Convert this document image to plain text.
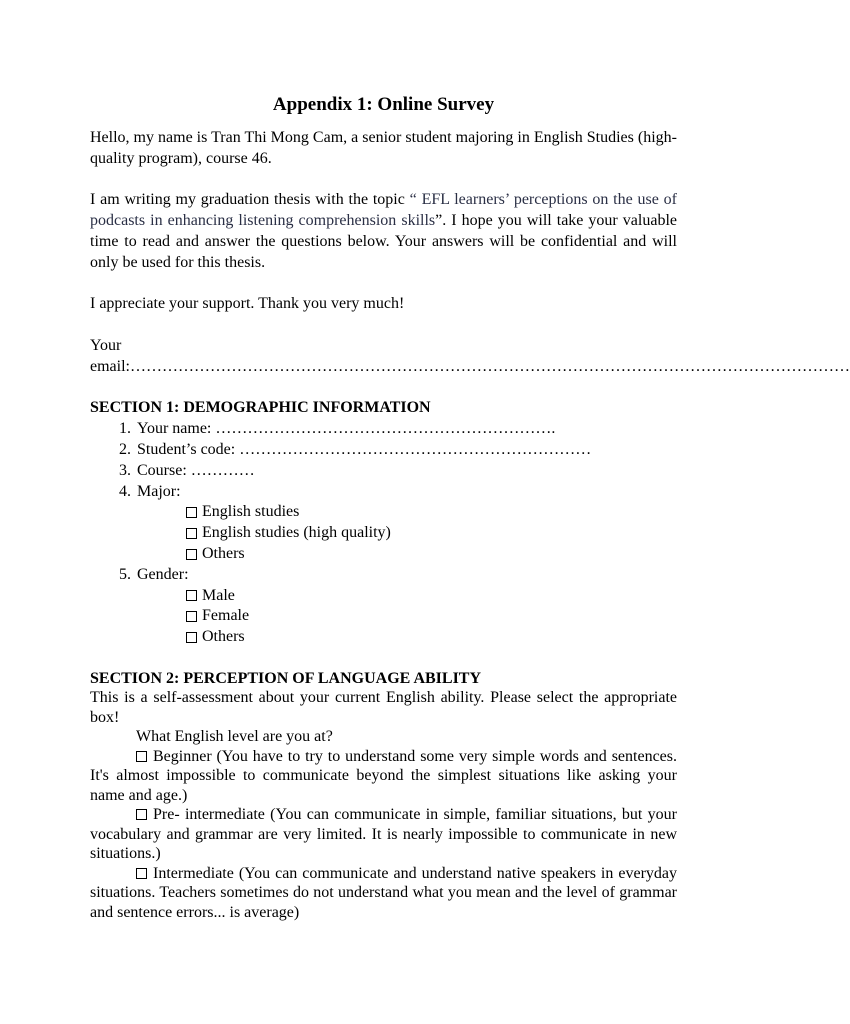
Appendix 1: Online Survey

Hello, my name is Tran Thi Mong Cam, a senior student majoring in English Studies (high-quality program), course 46.

I am writing my graduation thesis with the topic “ EFL learners’ perceptions on the use of podcasts in enhancing listening comprehension skills”. I hope you will take your valuable time to read and answer the questions below. Your answers will be confidential and will only be used for this thesis.

I appreciate your support. Thank you very much!

Your email:………………………………………………………………………………………………………………………

SECTION 1: DEMOGRAPHIC INFORMATION

1. Your name: ……………………………………………………….
2. Student’s code: …………………………………………………………
3. Course: …………
4. Major:
English studies
English studies (high quality)
Others
5. Gender:
Male
Female
Others

SECTION 2: PERCEPTION OF LANGUAGE ABILITY

This is a self-assessment about your current English ability. Please select the appropriate box!

What English level are you at?

Beginner (You have to try to understand some very simple words and sentences. It's almost impossible to communicate beyond the simplest situations like asking your name and age.)

Pre- intermediate (You can communicate in simple, familiar situations, but your vocabulary and grammar are very limited. It is nearly impossible to communicate in new situations.)

Intermediate (You can communicate and understand native speakers in everyday situations. Teachers sometimes do not understand what you mean and the level of grammar and sentence errors... is average)
